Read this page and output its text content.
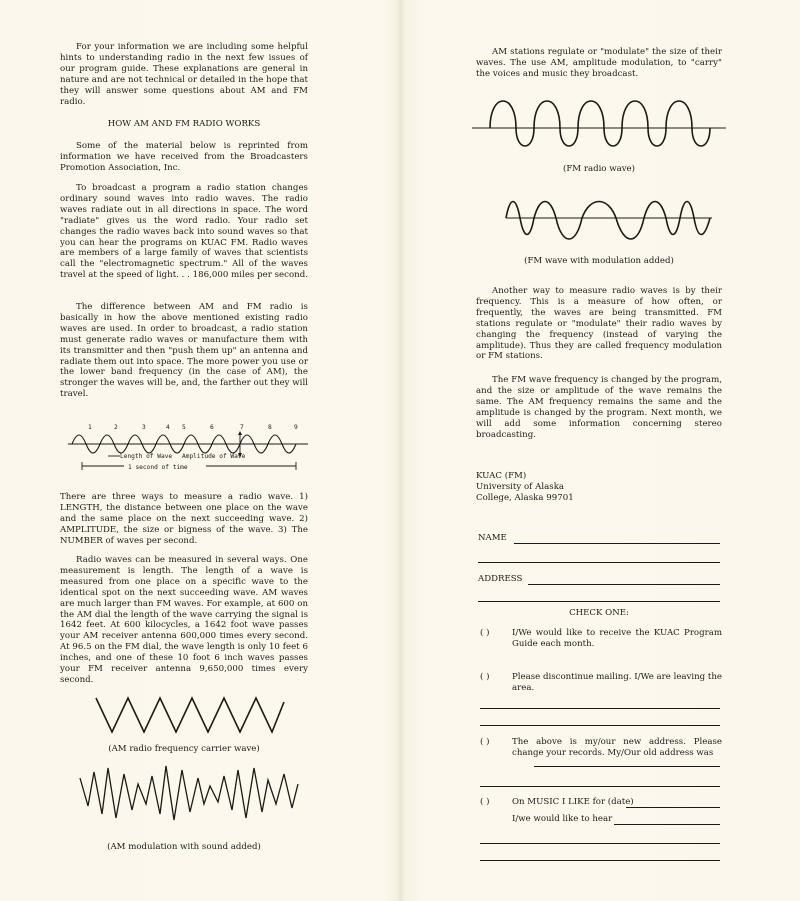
For your information we are including some helpful hints to understanding radio in the next few issues of our program guide. These explanations are general in nature and are not technical or detailed in the hope that they will answer some questions about AM and FM radio.

HOW AM AND FM RADIO WORKS

Some of the material below is reprinted from information we have received from the Broadcasters Promotion Association, Inc.

To broadcast a program a radio station changes ordinary sound waves into radio waves. The radio waves radiate out in all directions in space. The word "radiate" gives us the word radio. Your radio set changes the radio waves back into sound waves so that you can hear the programs on KUAC FM. Radio waves are members of a large family of waves that scientists call the "electromagnetic spectrum." All of the waves travel at the speed of light. . . 186,000 miles per second.

The difference between AM and FM radio is basically in how the above mentioned existing radio waves are used. In order to broadcast, a radio station must generate radio waves or manufacture them with its transmitter and then "push them up" an antenna and radiate them out into space. The more power you use or the lower band frequency (in the case of AM), the stronger the waves will be, and, the farther out they will travel.

1	2	3	4 5	6	7	8	9
Length of Wave Amplitude of Wave
1 second of time

There are three ways to measure a radio wave. 1) LENGTH, the distance between one place on the wave and the same place on the next succeeding wave. 2) AMPLITUDE, the size or bigness of the wave. 3) The NUMBER of waves per second.

Radio waves can be measured in several ways. One measurement is length. The length of a wave is measured from one place on a specific wave to the identical spot on the next succeeding wave. AM waves are much larger than FM waves. For example, at 600 on the AM dial the length of the wave carrying the signal is 1642 feet. At 600 kilocycles, a 1642 foot wave passes your AM receiver antenna 600,000 times every second. At 96.5 on the FM dial, the wave length is only 10 feet 6 inches, and one of these 10 foot 6 inch waves passes your FM receiver antenna 9,650,000 times every second.

(AM radio frequency carrier wave)
(AM modulation with sound added)

AM stations regulate or "modulate" the size of their waves. The use AM, amplitude modulation, to "carry" the voices and music they broadcast.

(FM radio wave)
(FM wave with modulation added)

Another way to measure radio waves is by their frequency. This is a measure of how often, or frequently, the waves are being transmitted. FM stations regulate or "modulate" their radio waves by changing the frequency (instead of varying the amplitude). Thus they are called frequency modulation or FM stations.

The FM wave frequency is changed by the program, and the size or amplitude of the wave remains the same. The AM frequency remains the same and the amplitude is changed by the program. Next month, we will add some information concerning stereo broadcasting.

KUAC (FM)
University of Alaska
College, Alaska 99701
NAME
ADDRESS
CHECK ONE:
( )	I/We would like to receive the KUAC Program Guide each month.
( )	Please discontinue mailing. I/We are leaving the area.
( )	The above is my/our new address. Please change your records. My/Our old address was
( )	On MUSIC I LIKE for (date)
I/we would like to hear
